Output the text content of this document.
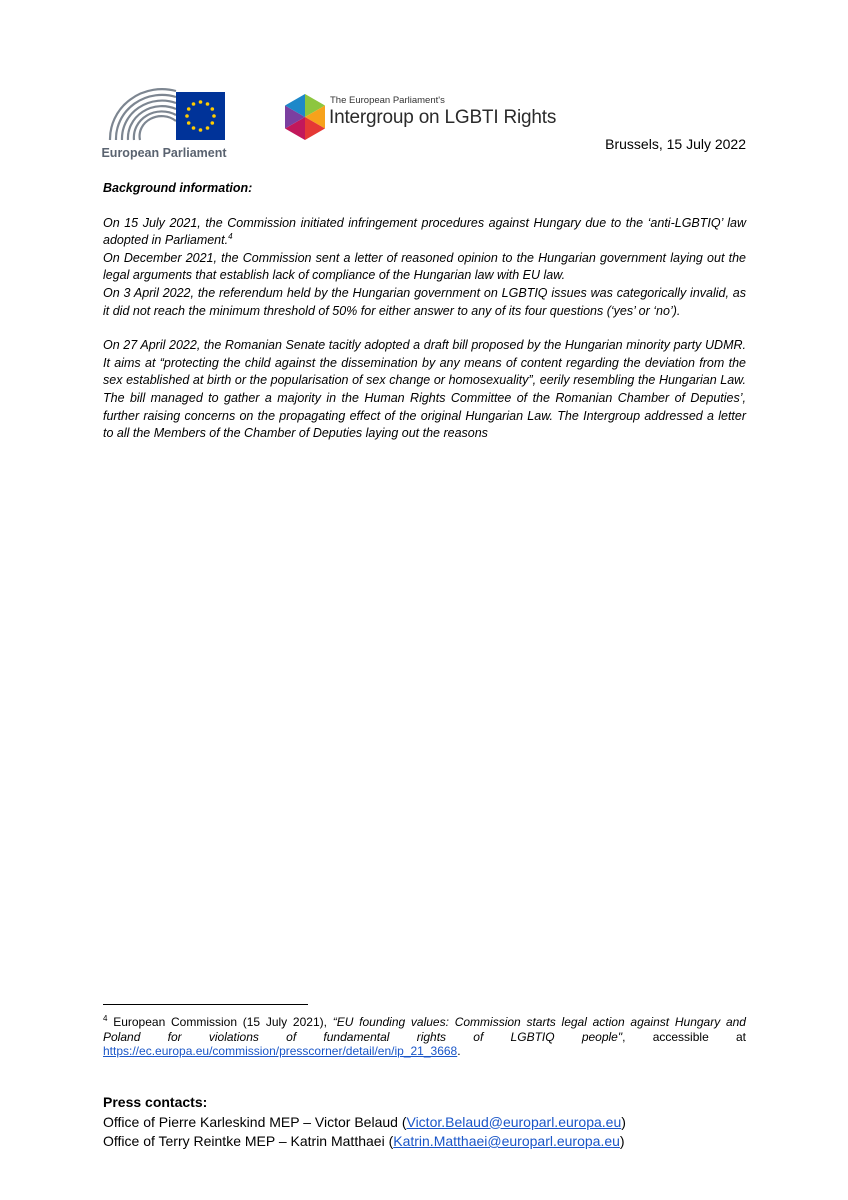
European Parliament
The European Parliament's
Intergroup on LGBTI Rights
Brussels, 15 July 2022

Background information:

On 15 July 2021, the Commission initiated infringement procedures against Hungary due to the ‘anti-LGBTIQ’ law adopted in Parliament.$^4$

On December 2021, the Commission sent a letter of reasoned opinion to the Hungarian government laying out the legal arguments that establish lack of compliance of the Hungarian law with EU law.

On 3 April 2022, the referendum held by the Hungarian government on LGBTIQ issues was categorically invalid, as it did not reach the minimum threshold of 50% for either answer to any of its four questions (‘yes’ or ‘no’).

On 27 April 2022, the Romanian Senate tacitly adopted a draft bill proposed by the Hungarian minority party UDMR. It aims at “protecting the child against the dissemination by any means of content regarding the deviation from the sex established at birth or the popularisation of sex change or homosexuality”, eerily resembling the Hungarian Law. The bill managed to gather a majority in the Human Rights Committee of the Romanian Chamber of Deputies’, further raising concerns on the propagating effect of the original Hungarian Law. The Intergroup addressed a letter to all the Members of the Chamber of Deputies laying out the reasons

$^4$ European Commission (15 July 2021), “EU founding values: Commission starts legal action against Hungary and Poland for violations of fundamental rights of LGBTIQ people", accessible at https://ec.europa.eu/commission/presscorner/detail/en/ip_21_3668.
Press contacts:
Office of Pierre Karleskind MEP – Victor Belaud (Victor.Belaud@europarl.europa.eu)
Office of Terry Reintke MEP – Katrin Matthaei (Katrin.Matthaei@europarl.europa.eu)
